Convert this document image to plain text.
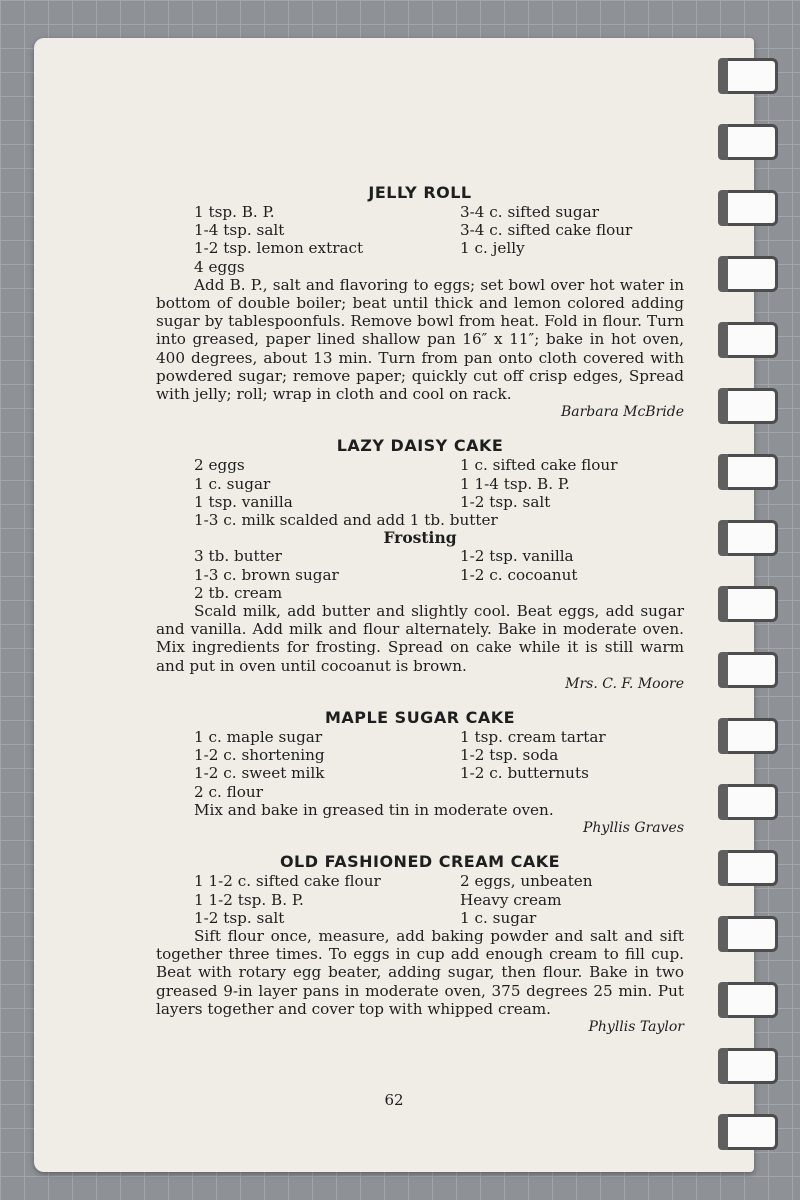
JELLY ROLL
1 tsp. B. P.	3-4 c. sifted sugar
1-4 tsp. salt	3-4 c. sifted cake flour
1-2 tsp. lemon extract	1 c. jelly
4 eggs

Add B. P., salt and flavoring to eggs; set bowl over hot water in bottom of double boiler; beat until thick and lemon colored adding sugar by tablespoonfuls. Remove bowl from heat. Fold in flour. Turn into greased, paper lined shallow pan 16″ x 11″; bake in hot oven, 400 degrees, about 13 min. Turn from pan onto cloth covered with powdered sugar; remove paper; quickly cut off crisp edges, Spread with jelly; roll; wrap in cloth and cool on rack.

Barbara McBride
LAZY DAISY CAKE
2 eggs	1 c. sifted cake flour
1 c. sugar	1 1-4 tsp. B. P.
1 tsp. vanilla	1-2 tsp. salt
1-3 c. milk scalded and add 1 tb. butter
Frosting
3 tb. butter	1-2 tsp. vanilla
1-3 c. brown sugar	1-2 c. cocoanut
2 tb. cream

Scald milk, add butter and slightly cool. Beat eggs, add sugar and vanilla. Add milk and flour alternately. Bake in moderate oven. Mix ingredients for frosting. Spread on cake while it is still warm and put in oven until cocoanut is brown.

Mrs. C. F. Moore
MAPLE SUGAR CAKE
1 c. maple sugar	1 tsp. cream tartar
1-2 c. shortening	1-2 tsp. soda
1-2 c. sweet milk	1-2 c. butternuts
2 c. flour

Mix and bake in greased tin in moderate oven.

Phyllis Graves
OLD FASHIONED CREAM CAKE
1 1-2 c. sifted cake flour	2 eggs, unbeaten
1 1-2 tsp. B. P.	Heavy cream
1-2 tsp. salt	1 c. sugar

Sift flour once, measure, add baking powder and salt and sift together three times. To eggs in cup add enough cream to fill cup. Beat with rotary egg beater, adding sugar, then flour. Bake in two greased 9-in layer pans in moderate oven, 375 degrees 25 min. Put layers together and cover top with whipped cream.

Phyllis Taylor
62
